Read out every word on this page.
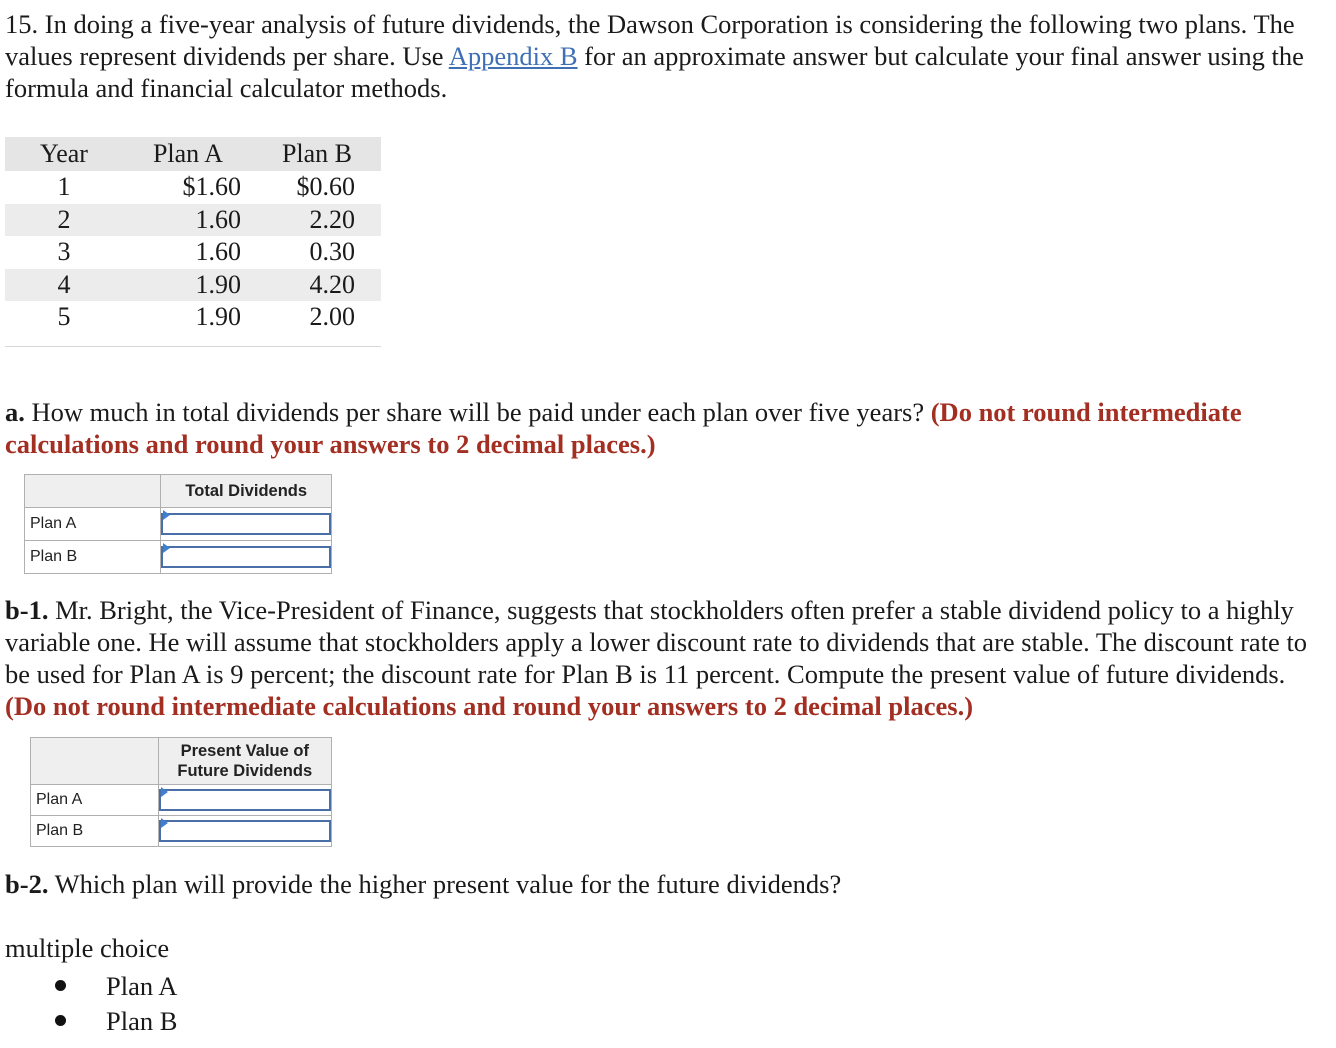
15. In doing a five-year analysis of future dividends, the Dawson Corporation is considering the following two plans. The values represent dividends per share. Use Appendix B for an approximate answer but calculate your final answer using the formula and financial calculator methods.
Year	Plan A	Plan B
1	$1.60	$0.60
2	1.60	2.20
3	1.60	0.30
4	1.90	4.20
5	1.90	2.00
a. How much in total dividends per share will be paid under each plan over five years? (Do not round intermediate calculations and round your answers to 2 decimal places.)
	Total Dividends
Plan A	

Plan B	
b-1. Mr. Bright, the Vice-President of Finance, suggests that stockholders often prefer a stable dividend policy to a highly variable one. He will assume that stockholders apply a lower discount rate to dividends that are stable. The discount rate to be used for Plan A is 9 percent; the discount rate for Plan B is 11 percent. Compute the present value of future dividends. (Do not round intermediate calculations and round your answers to 2 decimal places.)
	Present Value of
Future Dividends
Plan A	

Plan B	
b-2. Which plan will provide the higher present value for the future dividends?
multiple choice
Plan A
Plan B
